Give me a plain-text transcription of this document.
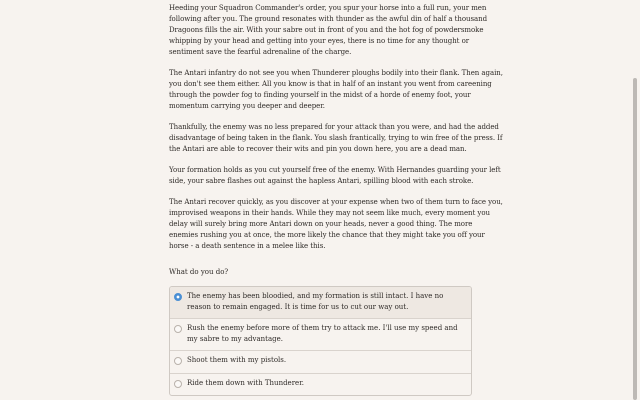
Heeding your Squadron Commander's order, you spur your horse into a full run, your men following after you. The ground resonates with thunder as the awful din of half a thousand Dragoons fills the air. With your sabre out in front of you and the hot fog of powdersmoke whipping by your head and getting into your eyes, there is no time for any thought or sentiment save the fearful adrenaline of the charge.

The Antari infantry do not see you when Thunderer ploughs bodily into their flank. Then again, you don't see them either. All you know is that in half of an instant you went from careening through the powder fog to finding yourself in the midst of a horde of enemy foot, your momentum carrying you deeper and deeper.

Thankfully, the enemy was no less prepared for your attack than you were, and had the added disadvantage of being taken in the flank. You slash frantically, trying to win free of the press. If the Antari are able to recover their wits and pin you down here, you are a dead man.

Your formation holds as you cut yourself free of the enemy. With Hernandes guarding your left side, your sabre flashes out against the hapless Antari, spilling blood with each stroke.

The Antari recover quickly, as you discover at your expense when two of them turn to face you, improvised weapons in their hands. While they may not seem like much, every moment you delay will surely bring more Antari down on your heads, never a good thing. The more enemies rushing you at once, the more likely the chance that they might take you off your horse - a death sentence in a melee like this.

What do you do?
The enemy has been bloodied, and my formation is still intact. I have no reason to remain engaged. It is time for us to cut our way out.
Rush the enemy before more of them try to attack me. I'll use my speed and my sabre to my advantage.
Shoot them with my pistols.
Ride them down with Thunderer.
